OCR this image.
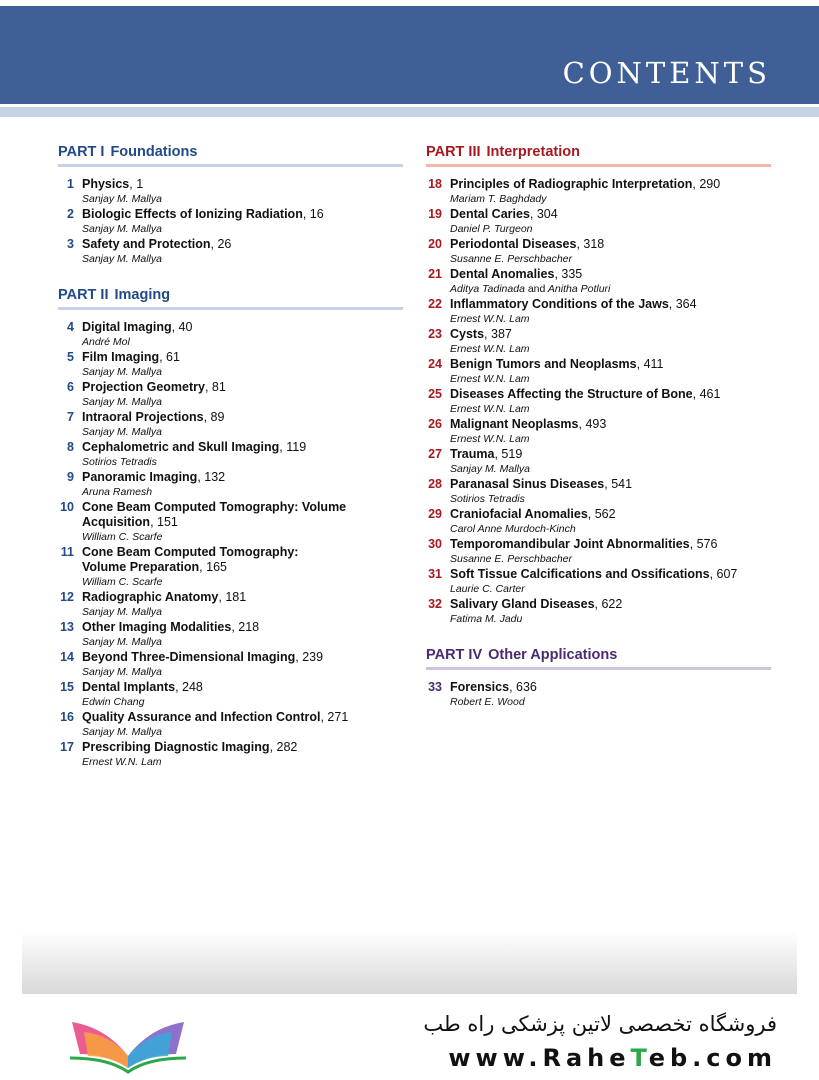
CONTENTS
PART I Foundations
1 Physics, 1
Sanjay M. Mallya
2 Biologic Effects of Ionizing Radiation, 16
Sanjay M. Mallya
3 Safety and Protection, 26
Sanjay M. Mallya
PART II Imaging
4 Digital Imaging, 40
André Mol
5 Film Imaging, 61
Sanjay M. Mallya
6 Projection Geometry, 81
Sanjay M. Mallya
7 Intraoral Projections, 89
Sanjay M. Mallya
8 Cephalometric and Skull Imaging, 119
Sotirios Tetradis
9 Panoramic Imaging, 132
Aruna Ramesh
10 Cone Beam Computed Tomography: Volume
Acquisition, 151
William C. Scarfe
11 Cone Beam Computed Tomography:
Volume Preparation, 165
William C. Scarfe
12 Radiographic Anatomy, 181
Sanjay M. Mallya
13 Other Imaging Modalities, 218
Sanjay M. Mallya
14 Beyond Three-Dimensional Imaging, 239
Sanjay M. Mallya
15 Dental Implants, 248
Edwin Chang
16 Quality Assurance and Infection Control, 271
Sanjay M. Mallya
17 Prescribing Diagnostic Imaging, 282
Ernest W.N. Lam
PART III Interpretation
18 Principles of Radiographic Interpretation, 290
Mariam T. Baghdady
19 Dental Caries, 304
Daniel P. Turgeon
20 Periodontal Diseases, 318
Susanne E. Perschbacher
21 Dental Anomalies, 335
Aditya Tadinada and Anitha Potluri
22 Inflammatory Conditions of the Jaws, 364
Ernest W.N. Lam
23 Cysts, 387
Ernest W.N. Lam
24 Benign Tumors and Neoplasms, 411
Ernest W.N. Lam
25 Diseases Affecting the Structure of Bone, 461
Ernest W.N. Lam
26 Malignant Neoplasms, 493
Ernest W.N. Lam
27 Trauma, 519
Sanjay M. Mallya
28 Paranasal Sinus Diseases, 541
Sotirios Tetradis
29 Craniofacial Anomalies, 562
Carol Anne Murdoch-Kinch
30 Temporomandibular Joint Abnormalities, 576
Susanne E. Perschbacher
31 Soft Tissue Calcifications and Ossifications, 607
Laurie C. Carter
32 Salivary Gland Diseases, 622
Fatima M. Jadu
PART IV Other Applications
33 Forensics, 636
Robert E. Wood
فروشگاه تخصصی لاتین پزشکی راه طب
www.RaheTeb.com
